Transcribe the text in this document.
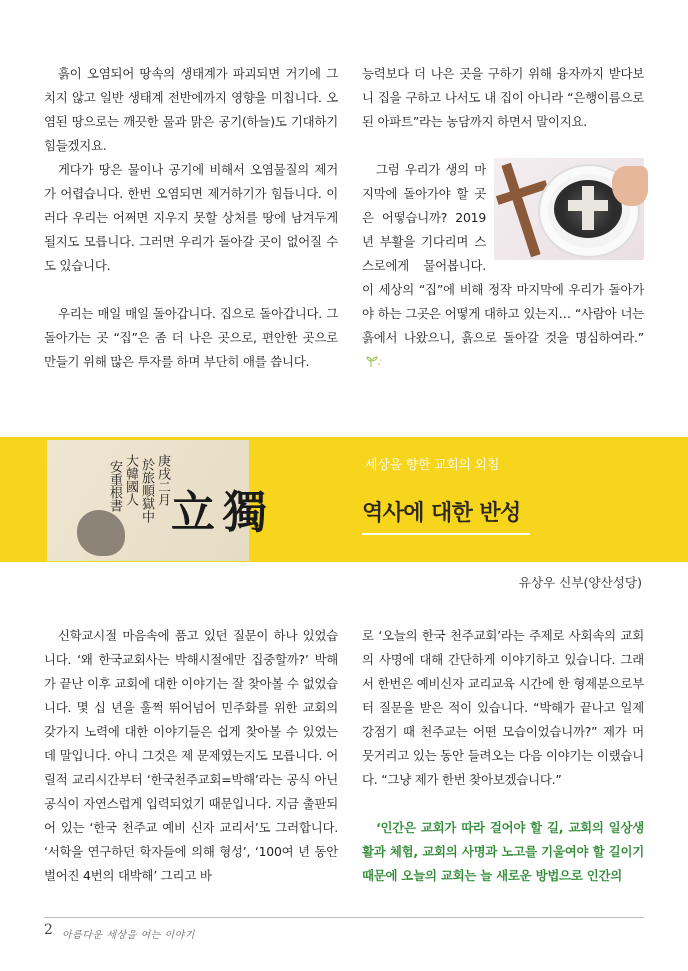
흙이 오염되어 땅속의 생태계가 파괴되면 거기에 그치지 않고 일반 생태계 전반에까지 영향을 미칩니다. 오염된 땅으로는 깨끗한 물과 맑은 공기(하늘)도 기대하기 힘들겠지요.

게다가 땅은 물이나 공기에 비해서 오염물질의 제거가 어렵습니다. 한번 오염되면 제거하기가 힘듭니다. 이러다 우리는 어쩌면 지우지 못할 상처를 땅에 남겨두게 될지도 모릅니다. 그러면 우리가 돌아갈 곳이 없어질 수도 있습니다.

우리는 매일 매일 돌아갑니다. 집으로 돌아갑니다. 그 돌아가는 곳 “집”은 좀 더 나은 곳으로, 편안한 곳으로 만들기 위해 많은 투자를 하며 부단히 애를 씁니다.

능력보다 더 나은 곳을 구하기 위해 융자까지 받다보니 집을 구하고 나서도 내 집이 아니라 “은행이름으로 된 아파트”라는 농담까지 하면서 말이지요.

그럼 우리가 생의 마지막에 돌아가야 할 곳은 어떻습니까? 2019년 부활을 기다리며 스스로에게 물어봅니다. 이 세상의 “집”에 비해 정작 마지막에 우리가 돌아가야 하는 그곳은 어떻게 대하고 있는지… “사람아 너는 흙에서 나왔으니, 흙으로 돌아갈 것을 명심하여라.”

庚戌二月
於旅順獄中
大韓國人
安重根書
立 獨
세상을 향한 교회의 외침
역사에 대한 반성
유상우 신부(양산성당)

신학교시절 마음속에 품고 있던 질문이 하나 있었습니다. ‘왜 한국교회사는 박해시절에만 집중할까?’ 박해가 끝난 이후 교회에 대한 이야기는 잘 찾아볼 수 없었습니다. 몇 십 년을 훌쩍 뛰어넘어 민주화를 위한 교회의 갖가지 노력에 대한 이야기들은 쉽게 찾아볼 수 있었는데 말입니다. 아니 그것은 제 문제였는지도 모릅니다. 어릴적 교리시간부터 ‘한국천주교회=박해’라는 공식 아닌 공식이 자연스럽게 입력되었기 때문입니다. 지금 출판되어 있는 ‘한국 천주교 예비 신자 교리서’도 그러합니다. ‘서학을 연구하던 학자들에 의해 형성’, ‘100여 년 동안 벌어진 4번의 대박해’ 그리고 바

로 ‘오늘의 한국 천주교회’라는 주제로 사회속의 교회의 사명에 대해 간단하게 이야기하고 있습니다. 그래서 한번은 예비신자 교리교육 시간에 한 형제분으로부터 질문을 받은 적이 있습니다. “박해가 끝나고 일제강점기 때 천주교는 어떤 모습이었습니까?” 제가 머뭇거리고 있는 동안 들려오는 다음 이야기는 이랬습니다. “그냥 제가 한번 찾아보겠습니다.”

‘인간은 교회가 따라 걸어야 할 길, 교회의 일상생활과 체험, 교회의 사명과 노고를 기울여야 할 길이기 때문에 오늘의 교회는 늘 새로운 방법으로 인간의

2 아름다운 세상을 여는 이야기
